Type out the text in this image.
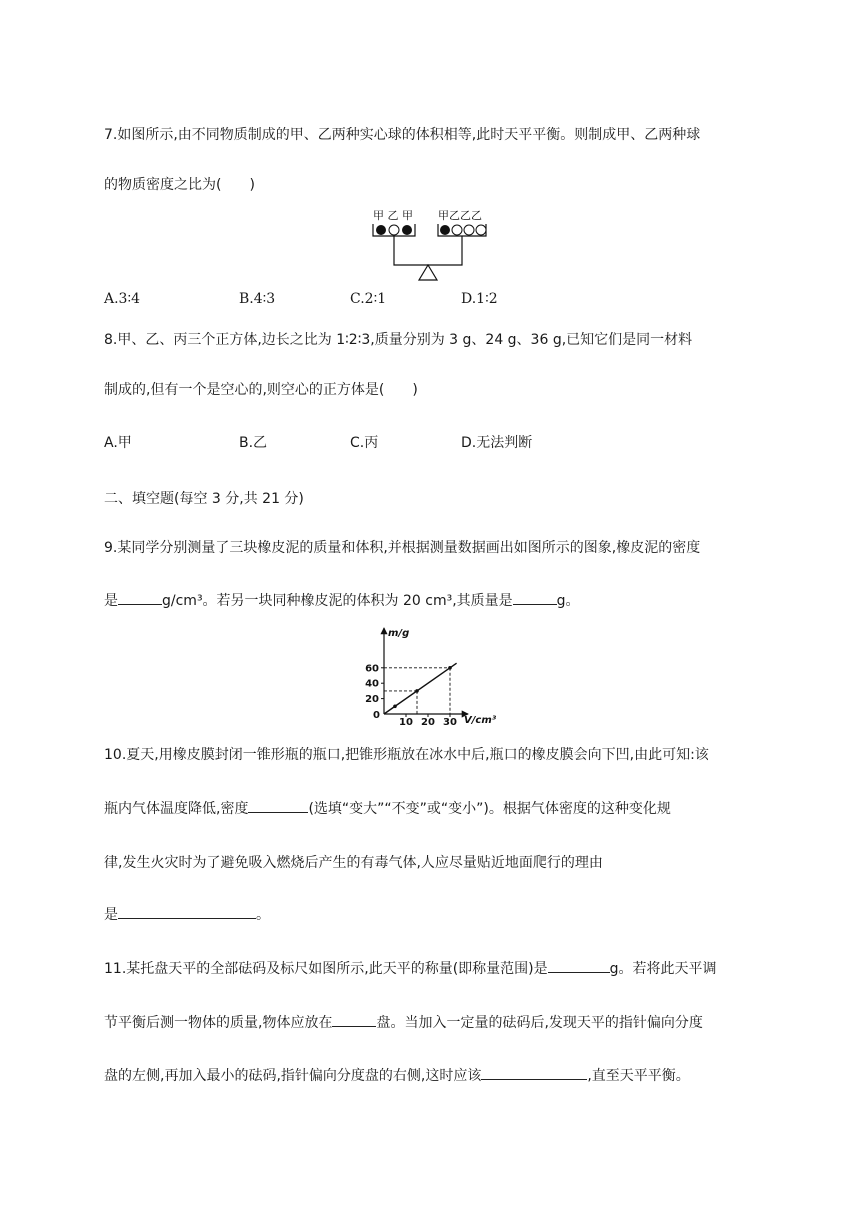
7.如图所示,由不同物质制成的甲、乙两种实心球的体积相等,此时天平平衡。则制成甲、乙两种球
的物质密度之比为(　　)
甲 乙 甲 甲乙乙乙
A.3∶4	B.4∶3	C.2∶1	D.1∶2
8.甲、乙、丙三个正方体,边长之比为 1∶2∶3,质量分别为 3 g、24 g、36 g,已知它们是同一材料
制成的,但有一个是空心的,则空心的正方体是(　　)
A.甲	B.乙	C.丙	D.无法判断
二、填空题(每空 3 分,共 21 分)
9.某同学分别测量了三块橡皮泥的质量和体积,并根据测量数据画出如图所示的图象,橡皮泥的密度
是	g/cm³。若另一块同种橡皮泥的体积为 20 cm³,其质量是	g。
m/g
V/cm³
0
20
40
60
10 20 30
10.夏天,用橡皮膜封闭一锥形瓶的瓶口,把锥形瓶放在冰水中后,瓶口的橡皮膜会向下凹,由此可知:该
瓶内气体温度降低,密度	(选填“变大”“不变”或“变小”)。根据气体密度的这种变化规
律,发生火灾时为了避免吸入燃烧后产生的有毒气体,人应尽量贴近地面爬行的理由
是	。
11.某托盘天平的全部砝码及标尺如图所示,此天平的称量(即称量范围)是	g。若将此天平调
节平衡后测一物体的质量,物体应放在	盘。当加入一定量的砝码后,发现天平的指针偏向分度
盘的左侧,再加入最小的砝码,指针偏向分度盘的右侧,这时应该	,直至天平平衡。
